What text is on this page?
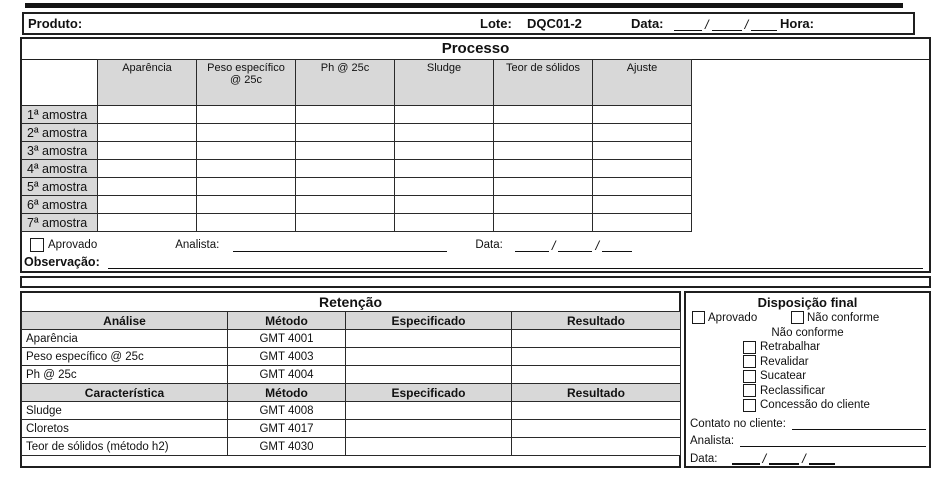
Produto:	Lote: DQC01-2	Data:	/	/ Hora:
Processo
	Aparência	Peso específico @ 25c	Ph @ 25c	Sludge	Teor de sólidos	Ajuste
1ª amostra						
2ª amostra						
3ª amostra						
4ª amostra						
5ª amostra						
6ª amostra						
7ª amostra						
Aprovado	Analista:	Data:	/	/
Observação:
Retenção
Análise	Método	Especificado	Resultado
Aparência	GMT 4001		
Peso específico @ 25c	GMT 4003		
Ph @ 25c	GMT 4004		
Característica	Método	Especificado	Resultado
Sludge	GMT 4008		
Cloretos	GMT 4017		
Teor de sólidos (método h2)	GMT 4030		
Disposição final
Aprovado	Não conforme
Não conforme
Retrabalhar
Revalidar
Sucatear
Reclassificar
Concessão do cliente
Contato no cliente:
Analista:
Data:	/	/
